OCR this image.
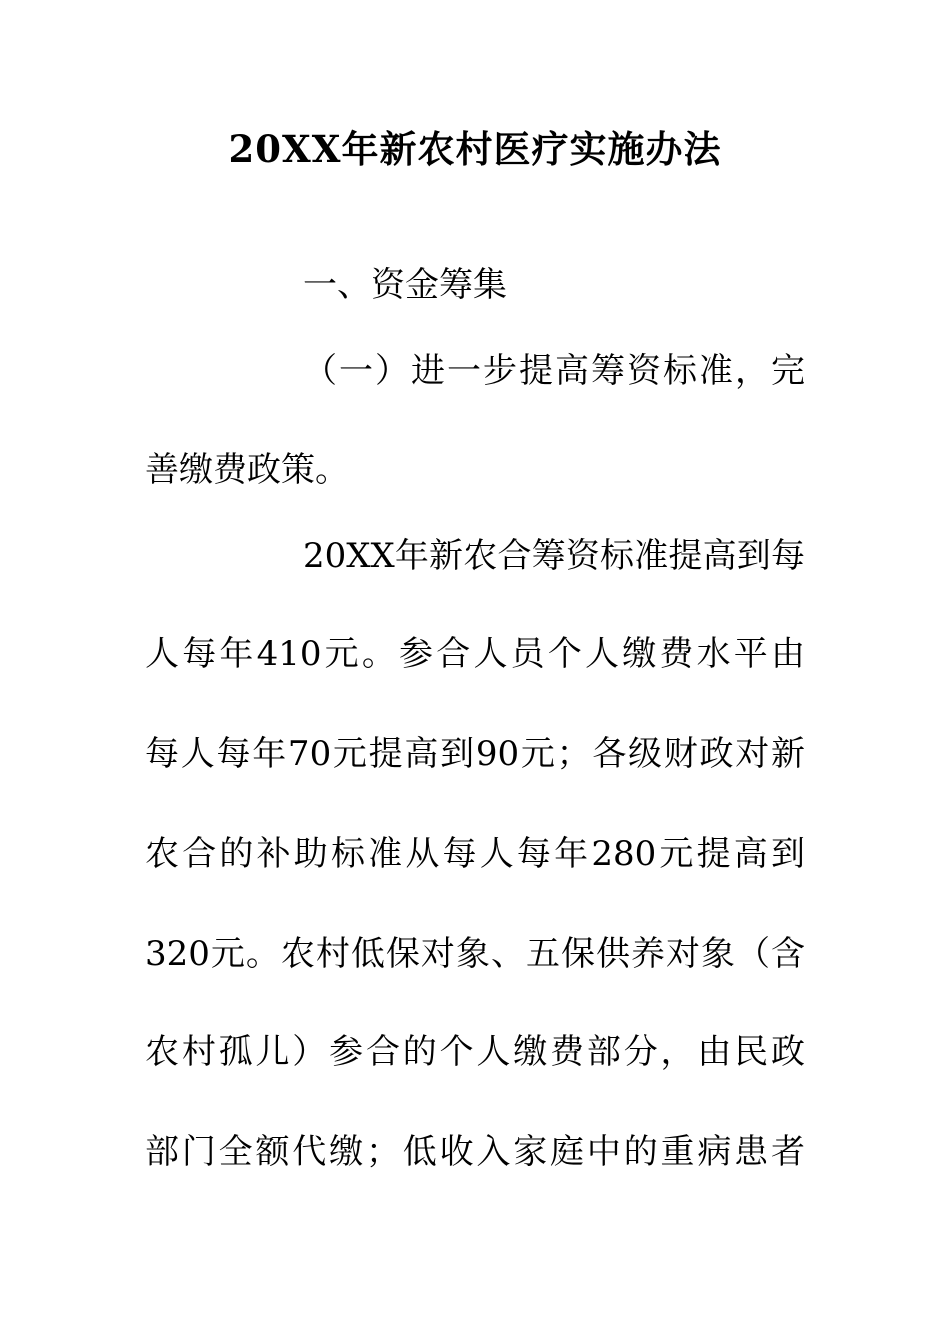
20XX年新农村医疗实施办法
一、资金筹集
（一）进一步提高筹资标准，完
善缴费政策。
20XX年新农合筹资标准提高到每
人每年410元。参合人员个人缴费水平由
每人每年70元提高到90元；各级财政对新
农合的补助标准从每人每年280元提高到
320元。农村低保对象、五保供养对象（含
农村孤儿）参合的个人缴费部分，由民政
部门全额代缴；低收入家庭中的重病患者
